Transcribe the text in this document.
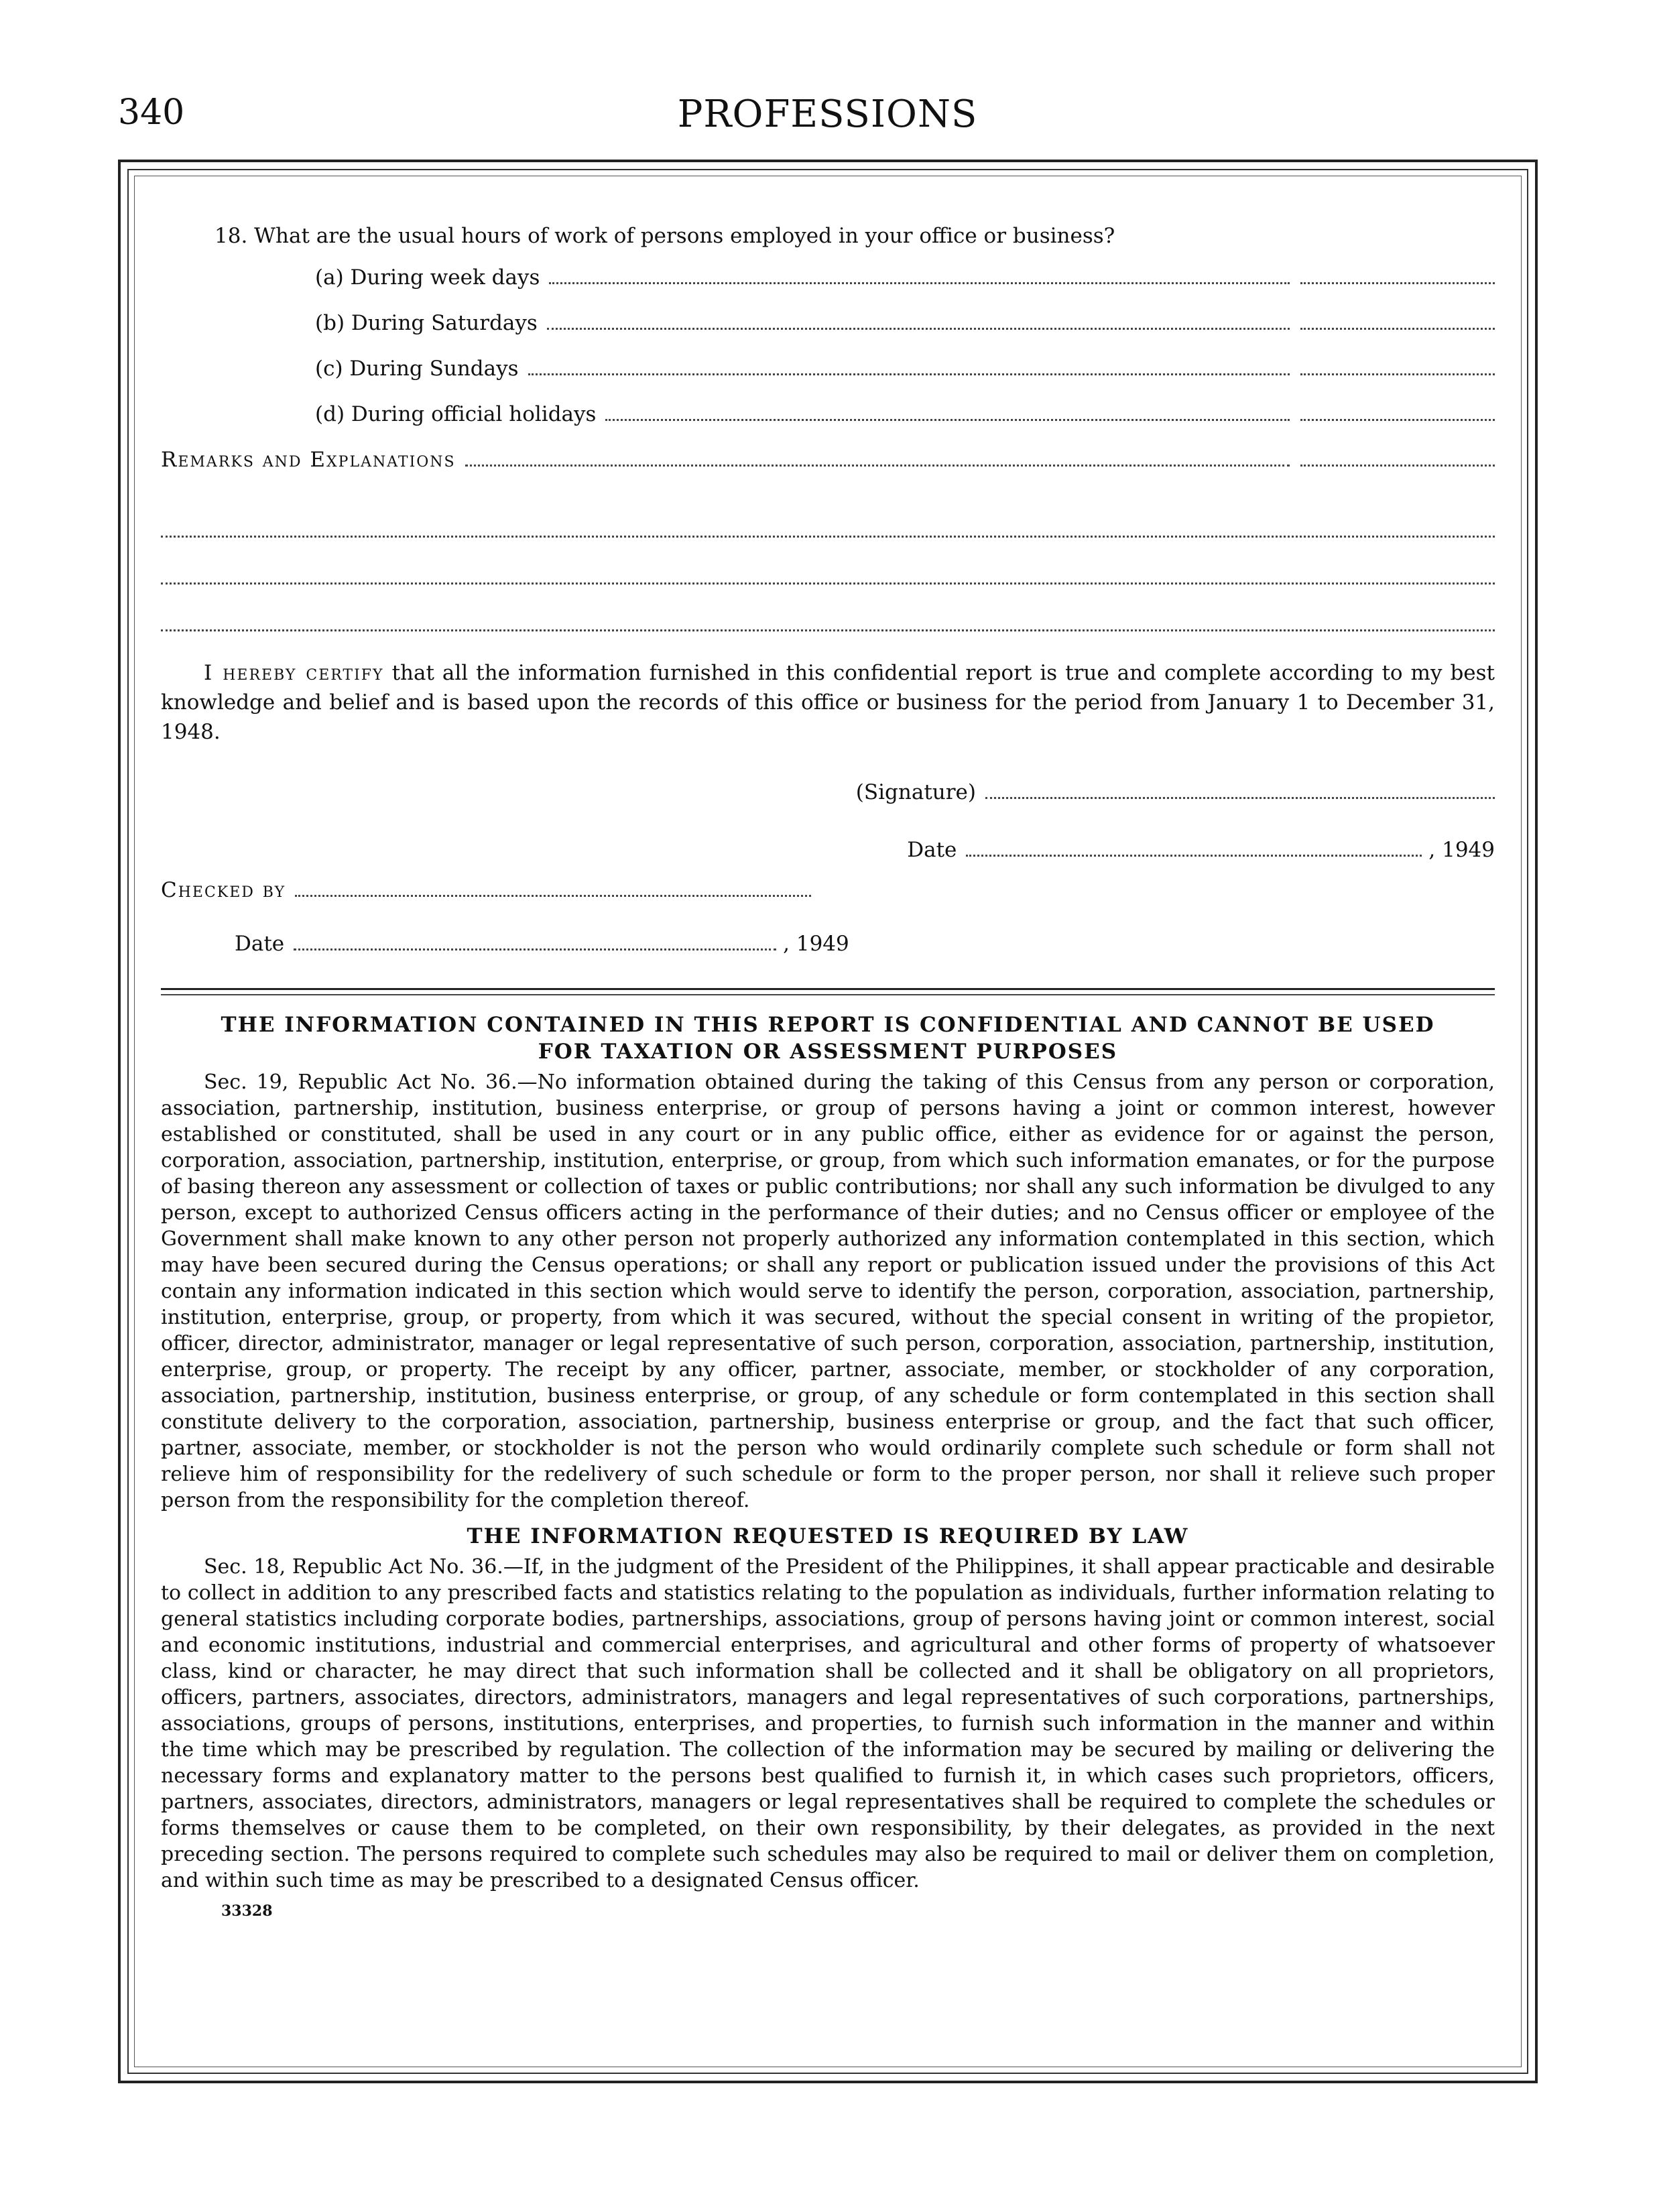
340	PROFESSIONS
18. What are the usual hours of work of persons employed in your office or business?
(a) During week days
(b) During Saturdays
(c) During Sundays
(d) During official holidays
Remarks and Explanations
I hereby certify that all the information furnished in this confidential report is true and complete according to my best knowledge and belief and is based upon the records of this office or business for the period from January 1 to December 31, 1948.
(Signature)
Date	, 1949
Checked by
Date	, 1949
THE INFORMATION CONTAINED IN THIS REPORT IS CONFIDENTIAL AND CANNOT BE USED
FOR TAXATION OR ASSESSMENT PURPOSES
Sec. 19, Republic Act No. 36.—No information obtained during the taking of this Census from any person or corporation, association, partnership, institution, business enterprise, or group of persons having a joint or common interest, however established or constituted, shall be used in any court or in any public office, either as evidence for or against the person, corporation, association, partnership, institution, enterprise, or group, from which such information emanates, or for the purpose of basing thereon any assessment or collection of taxes or public contributions; nor shall any such information be divulged to any person, except to authorized Census officers acting in the performance of their duties; and no Census officer or employee of the Government shall make known to any other person not properly authorized any information contemplated in this section, which may have been secured during the Census operations; or shall any report or publication issued under the provisions of this Act contain any information indicated in this section which would serve to identify the person, corporation, association, partnership, institution, enterprise, group, or property, from which it was secured, without the special consent in writing of the propietor, officer, director, administrator, manager or legal representative of such person, corporation, association, partnership, institution, enterprise, group, or property. The receipt by any officer, partner, associate, member, or stockholder of any corporation, association, partnership, institution, business enterprise, or group, of any schedule or form contemplated in this section shall constitute delivery to the corporation, association, partnership, business enterprise or group, and the fact that such officer, partner, associate, member, or stockholder is not the person who would ordinarily complete such schedule or form shall not relieve him of responsibility for the redelivery of such schedule or form to the proper person, nor shall it relieve such proper person from the responsibility for the completion thereof.
THE INFORMATION REQUESTED IS REQUIRED BY LAW
Sec. 18, Republic Act No. 36.—If, in the judgment of the President of the Philippines, it shall appear practicable and desirable to collect in addition to any prescribed facts and statistics relating to the population as individuals, further information relating to general statistics including corporate bodies, partnerships, associations, group of persons having joint or common interest, social and economic institutions, industrial and commercial enterprises, and agricultural and other forms of property of whatsoever class, kind or character, he may direct that such information shall be collected and it shall be obligatory on all proprietors, officers, partners, associates, directors, administrators, managers and legal representatives of such corporations, partnerships, associations, groups of persons, institutions, enterprises, and properties, to furnish such information in the manner and within the time which may be prescribed by regulation. The collection of the information may be secured by mailing or delivering the necessary forms and explanatory matter to the persons best qualified to furnish it, in which cases such proprietors, officers, partners, associates, directors, administrators, managers or legal representatives shall be required to complete the schedules or forms themselves or cause them to be completed, on their own responsibility, by their delegates, as provided in the next preceding section. The persons required to complete such schedules may also be required to mail or deliver them on completion, and within such time as may be prescribed to a designated Census officer.
33328
